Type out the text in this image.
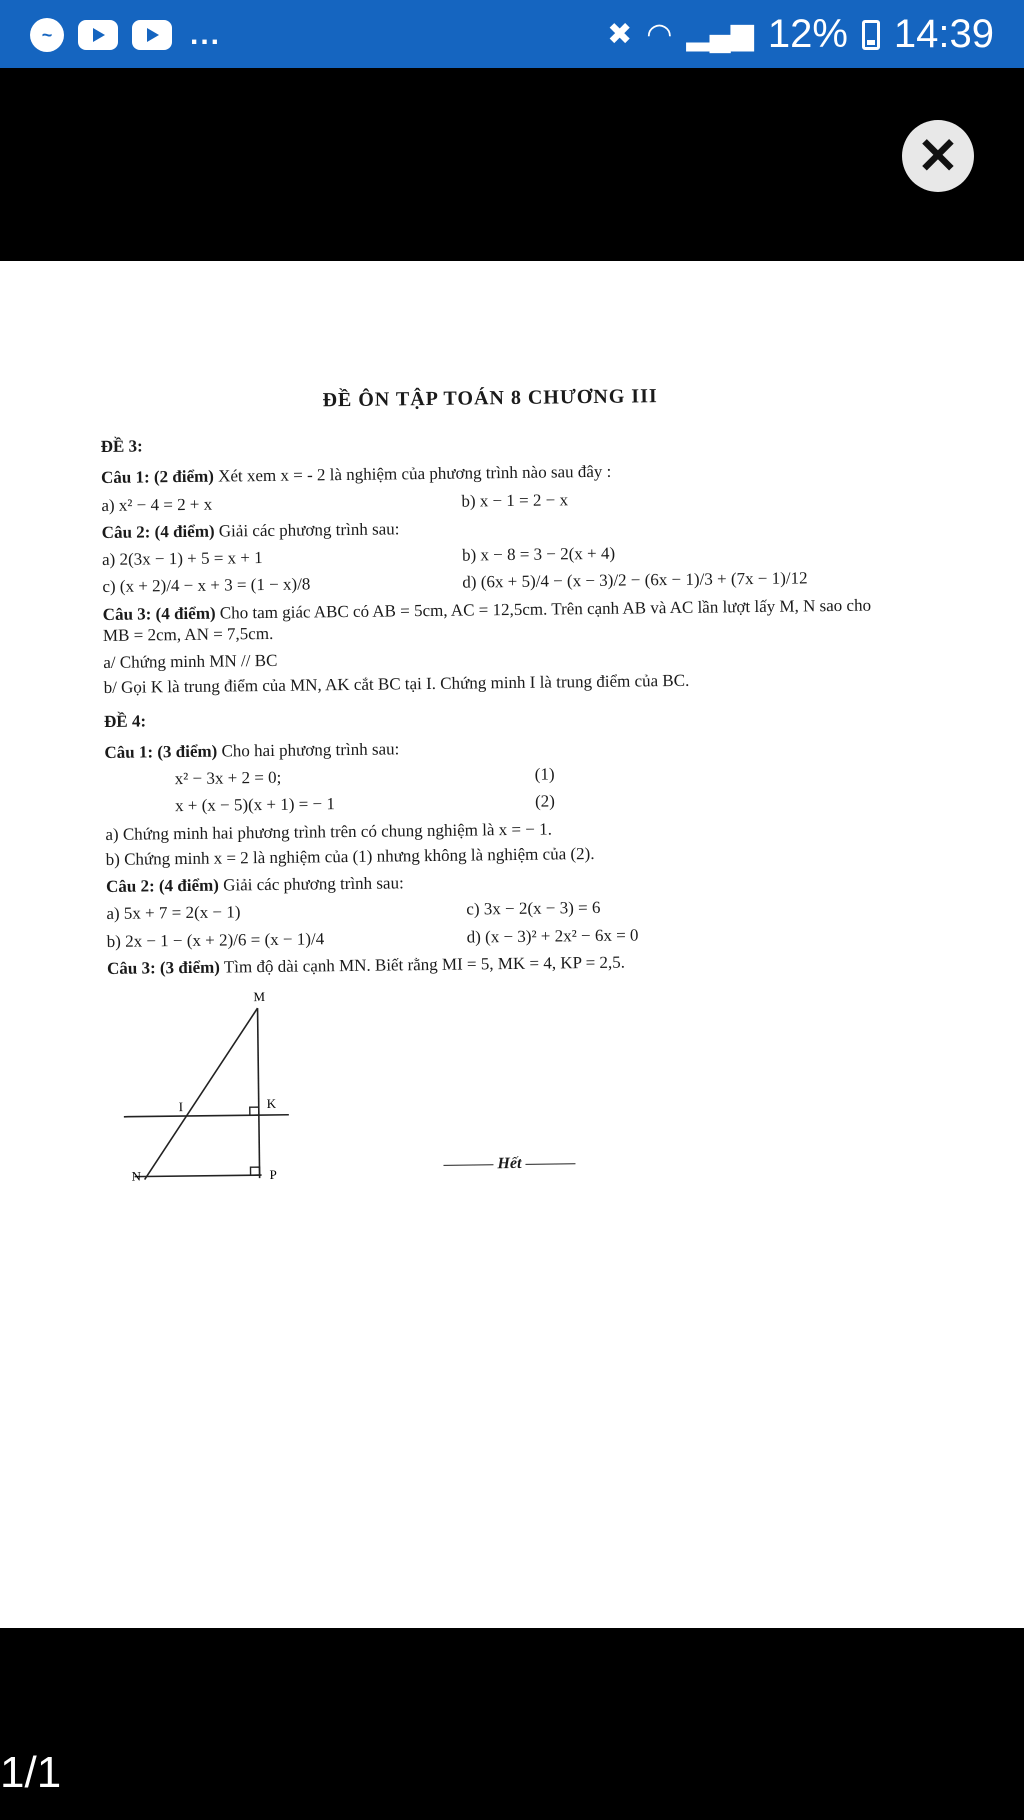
~	...	✖ ◠ ▂▄▆ 12% 14:39
✕
ĐỀ ÔN TẬP TOÁN 8 CHƯƠNG III
ĐỀ 3:
Câu 1: (2 điểm) Xét xem x = - 2 là nghiệm của phương trình nào sau đây :
a) x² − 4 = 2 + x	b) x − 1 = 2 − x
Câu 2: (4 điểm) Giải các phương trình sau:
a) 2(3x − 1) + 5 = x + 1	b) x − 8 = 3 − 2(x + 4)
c) (x + 2)/4 − x + 3 = (1 − x)/8	d) (6x + 5)/4 − (x − 3)/2 − (6x − 1)/3 + (7x − 1)/12
Câu 3: (4 điểm) Cho tam giác ABC có AB = 5cm, AC = 12,5cm. Trên cạnh AB và AC lần lượt lấy M, N sao cho MB = 2cm, AN = 7,5cm.
a/ Chứng minh MN // BC
b/ Gọi K là trung điểm của MN, AK cắt BC tại I. Chứng minh I là trung điểm của BC.
ĐỀ 4:
Câu 1: (3 điểm) Cho hai phương trình sau:
x² − 3x + 2 = 0;	(1)
x + (x − 5)(x + 1) = − 1	(2)
a) Chứng minh hai phương trình trên có chung nghiệm là x = − 1.
b) Chứng minh x = 2 là nghiệm của (1) nhưng không là nghiệm của (2).
Câu 2: (4 điểm) Giải các phương trình sau:
a) 5x + 7 = 2(x − 1)	c) 3x − 2(x − 3) = 6
b) 2x − 1 − (x + 2)/6 = (x − 1)/4	d) (x − 3)² + 2x² − 6x = 0
Câu 3: (3 điểm) Tìm độ dài cạnh MN. Biết rằng MI = 5, MK = 4, KP = 2,5.
M
I	K
N	P
Hết
1/1
